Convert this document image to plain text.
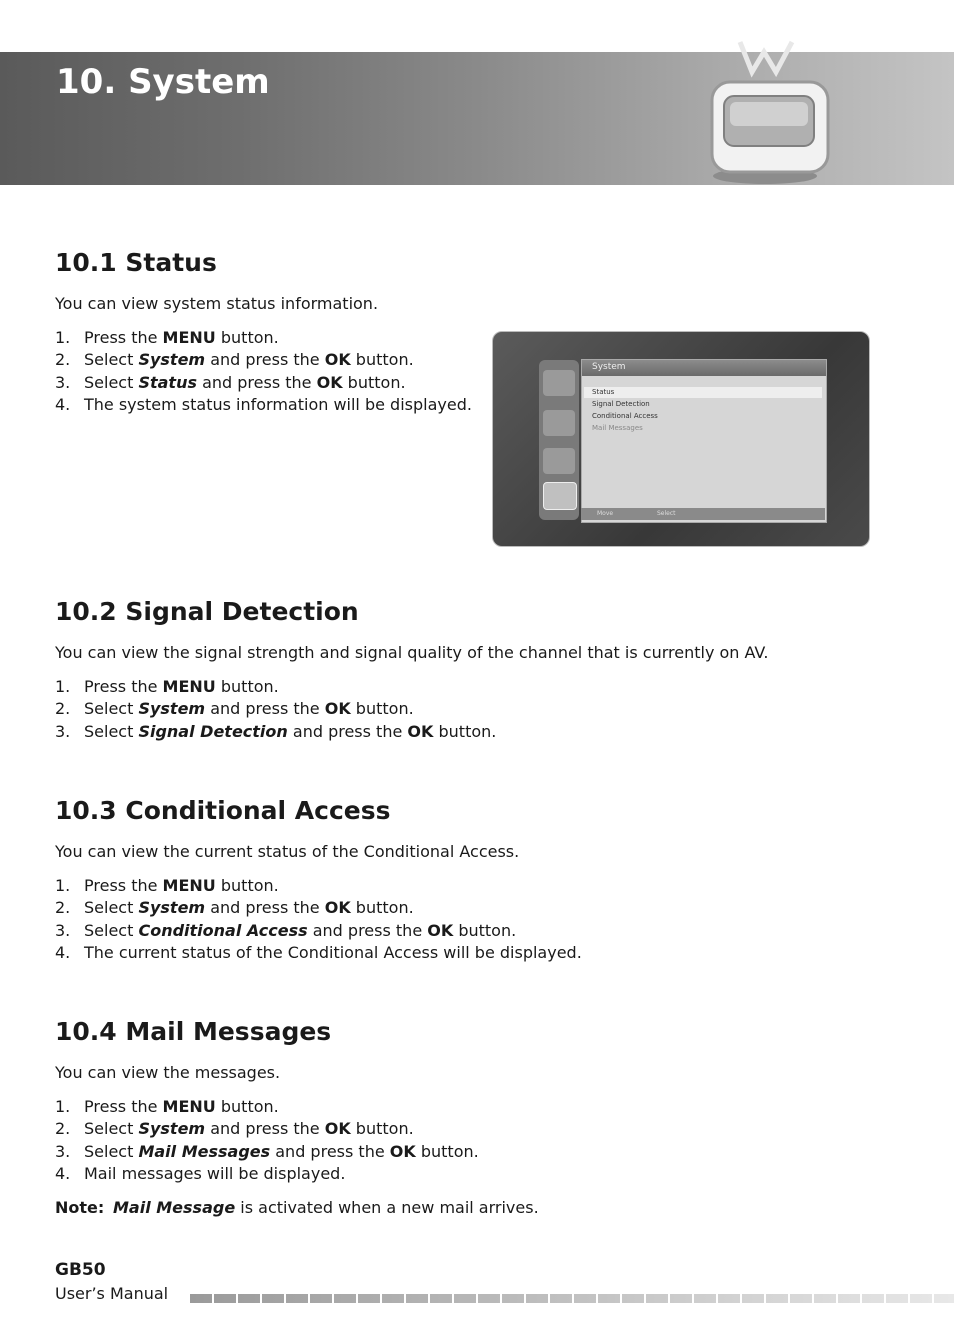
10. System
10.1 Status

You can view system status information.

1. Press the MENU button.
2. Select System and press the OK button.
3. Select Status and press the OK button.
4. The system status information will be displayed.
System
Status
Signal Detection
Conditional Access
Mail Messages
Move	Select
10.2 Signal Detection

You can view the signal strength and signal quality of the channel that is currently on AV.

1. Press the MENU button.
2. Select System and press the OK button.
3. Select Signal Detection and press the OK button.
10.3 Conditional Access

You can view the current status of the Conditional Access.

1. Press the MENU button.
2. Select System and press the OK button.
3. Select Conditional Access and press the OK button.
4. The current status of the Conditional Access will be displayed.
10.4 Mail Messages

You can view the messages.

1. Press the MENU button.
2. Select System and press the OK button.
3. Select Mail Messages and press the OK button.
4. Mail messages will be displayed.

Note: Mail Message is activated when a new mail arrives.

GB50

User’s Manual
